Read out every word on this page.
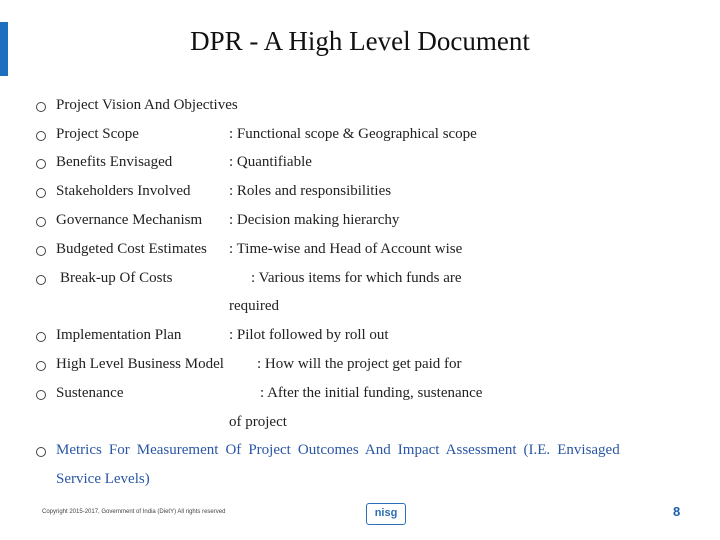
DPR - A High Level Document
Project Vision And Objectives
Project Scope	: Functional scope & Geographical scope
Benefits Envisaged	: Quantifiable
Stakeholders Involved	: Roles and responsibilities
Governance Mechanism : Decision making hierarchy
Budgeted Cost Estimates : Time-wise and Head of Account wise
Break-up Of Costs	: Various items for which funds are
required
Implementation Plan	: Pilot followed by roll out
High Level Business Model : How will the project get paid for
Sustenance	: After the initial funding, sustenance
of project
Metrics For Measurement Of Project Outcomes And Impact Assessment (I.E. Envisaged
Service Levels)
Copyright 2015-2017, Government of India (DietY) All rights reserved	nisg	8
